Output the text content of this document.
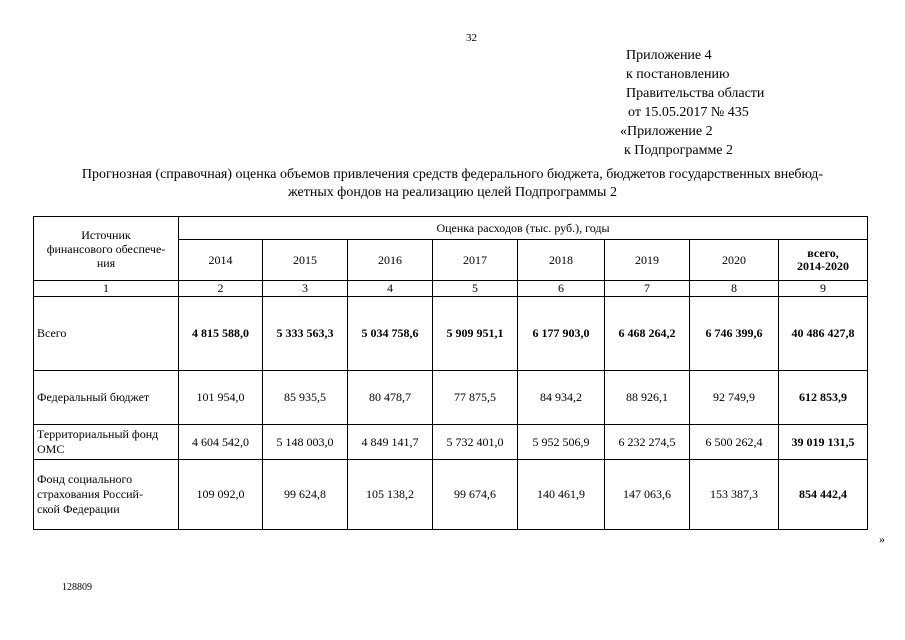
32
Приложение 4
к постановлению
Правительства области
от 15.05.2017 № 435
«Приложение 2
к Подпрограмме 2
Прогнозная (справочная) оценка объемов привлечения средств федерального бюджета, бюджетов государственных внебюд-
жетных фондов на реализацию целей Подпрограммы 2
Источник
финансового обеспече-
ния	Оценка расходов (тыс. руб.), годы							
	2014	2015	2016	2017	2018	2019	2020	всего,
2014-2020

1	2	3	4	5	6	7	8	9

Всего	4 815 588,0	5 333 563,3	5 034 758,6	5 909 951,1	6 177 903,0	6 468 264,2	6 746 399,6	40 486 427,8

Федеральный бюджет	101 954,0	85 935,5	80 478,7	77 875,5	84 934,2	88 926,1	92 749,9	612 853,9

Территориальный фонд
ОМС	4 604 542,0	5 148 003,0	4 849 141,7	5 732 401,0	5 952 506,9	6 232 274,5	6 500 262,4	39 019 131,5

Фонд социального
страхования Россий-
ской Федерации	109 092,0	99 624,8	105 138,2	99 674,6	140 461,9	147 063,6	153 387,3	854 442,4
»
128809
